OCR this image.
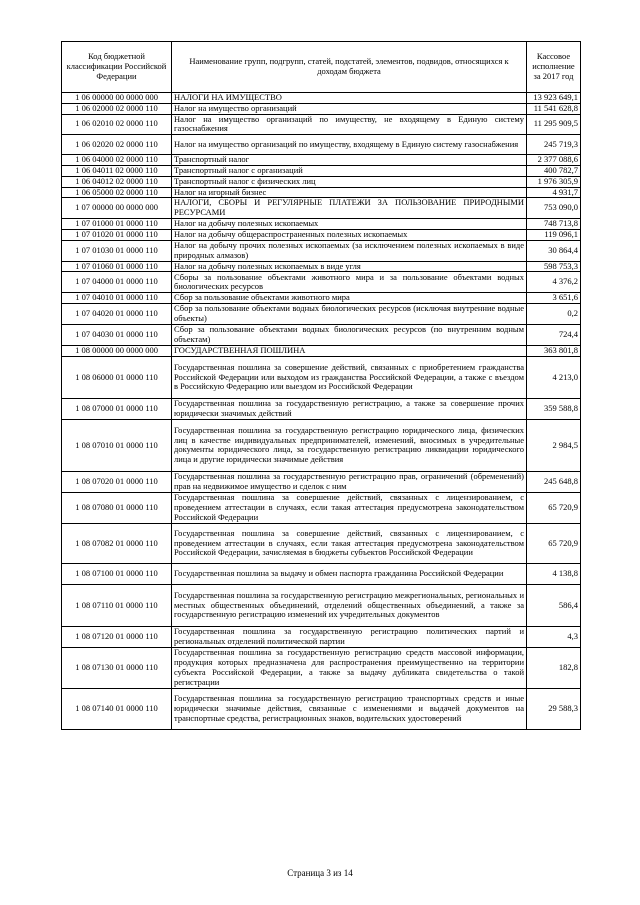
Код бюджетной классификации Российской Федерации	Наименование групп, подгрупп, статей, подстатей, элементов, подвидов, относящихся к доходам бюджета	Кассовое исполнение за 2017 год
1 06 00000 00 0000 000	НАЛОГИ НА ИМУЩЕСТВО	13 923 649,1
1 06 02000 02 0000 110	Налог на имущество организаций	11 541 628,8
1 06 02010 02 0000 110	Налог на имущество организаций по имуществу, не входящему в Единую систему газоснабжения	11 295 909,5
1 06 02020 02 0000 110	Налог на имущество организаций по имуществу, входящему в Единую систему газоснабжения	245 719,3
1 06 04000 02 0000 110	Транспортный налог	2 377 088,6
1 06 04011 02 0000 110	Транспортный налог с организаций	400 782,7
1 06 04012 02 0000 110	Транспортный налог с физических лиц	1 976 305,9
1 06 05000 02 0000 110	Налог на игорный бизнес	4 931,7
1 07 00000 00 0000 000	НАЛОГИ, СБОРЫ И РЕГУЛЯРНЫЕ ПЛАТЕЖИ ЗА ПОЛЬЗОВАНИЕ ПРИРОДНЫМИ РЕСУРСАМИ	753 090,0
1 07 01000 01 0000 110	Налог на добычу полезных ископаемых	748 713,8
1 07 01020 01 0000 110	Налог на добычу общераспространенных полезных ископаемых	119 096,1
1 07 01030 01 0000 110	Налог на добычу прочих полезных ископаемых (за исключением полезных ископаемых в виде природных алмазов)	30 864,4
1 07 01060 01 0000 110	Налог на добычу полезных ископаемых в виде угля	598 753,3
1 07 04000 01 0000 110	Сборы за пользование объектами животного мира и за пользование объектами водных биологических ресурсов	4 376,2
1 07 04010 01 0000 110	Сбор за пользование объектами животного мира	3 651,6
1 07 04020 01 0000 110	Сбор за пользование объектами водных биологических ресурсов (исключая внутренние водные объекты)	0,2
1 07 04030 01 0000 110	Сбор за пользование объектами водных биологических ресурсов (по внутренним водным объектам)	724,4
1 08 00000 00 0000 000	ГОСУДАРСТВЕННАЯ ПОШЛИНА	363 801,8
1 08 06000 01 0000 110	Государственная пошлина за совершение действий, связанных с приобретением гражданства Российской Федерации или выходом из гражданства Российской Федерации, а также с въездом в Российскую Федерацию или выездом из Российской Федерации	4 213,0
1 08 07000 01 0000 110	Государственная пошлина за государственную регистрацию, а также за совершение прочих юридически значимых действий	359 588,8
1 08 07010 01 0000 110	Государственная пошлина за государственную регистрацию юридического лица, физических лиц в качестве индивидуальных предпринимателей, изменений, вносимых в учредительные документы юридического лица, за государственную регистрацию ликвидации юридического лица и другие юридически значимые действия	2 984,5
1 08 07020 01 0000 110	Государственная пошлина за государственную регистрацию прав, ограничений (обременений) прав на недвижимое имущество и сделок с ним	245 648,8
1 08 07080 01 0000 110	Государственная пошлина за совершение действий, связанных с лицензированием, с проведением аттестации в случаях, если такая аттестация предусмотрена законодательством Российской Федерации	65 720,9
1 08 07082 01 0000 110	Государственная пошлина за совершение действий, связанных с лицензированием, с проведением аттестации в случаях, если такая аттестация предусмотрена законодательством Российской Федерации, зачисляемая в бюджеты субъектов Российской Федерации	65 720,9
1 08 07100 01 0000 110	Государственная пошлина за выдачу и обмен паспорта гражданина Российской Федерации	4 138,8
1 08 07110 01 0000 110	Государственная пошлина за государственную регистрацию межрегиональных, региональных и местных общественных объединений, отделений общественных объединений, а также за государственную регистрацию изменений их учредительных документов	586,4
1 08 07120 01 0000 110	Государственная пошлина за государственную регистрацию политических партий и региональных отделений политической партии	4,3
1 08 07130 01 0000 110	Государственная пошлина за государственную регистрацию средств массовой информации, продукция которых предназначена для распространения преимущественно на территории субъекта Российской Федерации, а также за выдачу дубликата свидетельства о такой регистрации	182,8
1 08 07140 01 0000 110	Государственная пошлина за государственную регистрацию транспортных средств и иные юридически значимые действия, связанные с изменениями и выдачей документов на транспортные средства, регистрационных знаков, водительских удостоверений	29 588,3
Страница 3 из 14
